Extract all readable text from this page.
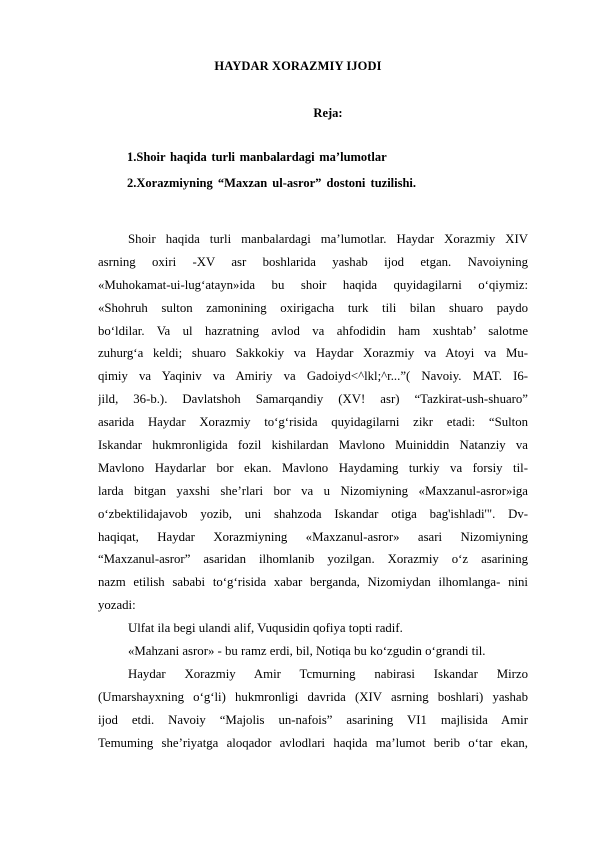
HAYDAR XORAZMIY IJODI
Reja:
1.Shoir haqida turli manbalardagi ma’lumotlar
2.Xorazmiyning “Maxzan ul-asror” dostoni tuzilishi.
Shoir haqida turli manbalardagi ma’lumotlar. Haydar Xorazmiy XIV
asrning oxiri -XV asr boshlarida yashab ijod etgan. Navoiyning
«Muhokamat-ui-lug‘atayn»ida bu shoir haqida quyidagilarni o‘qiymiz:
«Shohruh sulton zamonining oxirigacha turk tili bilan shuaro paydo
bo‘ldilar. Va ul hazratning avlod va ahfodidin ham xushtab’ salotme
zuhurg‘a keldi; shuaro Sakkokiy va Haydar Xorazmiy va Atoyi va Mu-
qimiy va Yaqiniv va Amiriy va Gadoiyd<^lkl;^r...”( Navoiy. MAT. I6-
jild, 36-b.). Davlatshoh Samarqandiy (XV! asr) “Tazkirat-ush-shuaro”
asarida Haydar Xorazmiy to‘g‘risida quyidagilarni zikr etadi: “Sulton
Iskandar hukmronligida fozil kishilardan Mavlono Muiniddin Natanziy va
Mavlono Haydarlar bor ekan. Mavlono Haydaming turkiy va forsiy til-
larda bitgan yaxshi she’rlari bor va u Nizomiyning «Maxzanul-asror»iga
o‘zbektilidajavob yozib, uni shahzoda Iskandar otiga bag'ishladi'". Dv-
haqiqat, Haydar Xorazmiyning «Maxzanul-asror» asari Nizomiyning
“Maxzanul-asror” asaridan ilhomlanib yozilgan. Xorazmiy o‘z asarining
nazm etilish sababi to‘g‘risida xabar berganda, Nizomiydan ilhomlanga- nini
yozadi:
Ulfat ila begi ulandi alif, Vuqusidin qofiya topti radif.
«Mahzani asror» - bu ramz erdi, bil, Notiqa bu ko‘zgudin o‘grandi til.
Haydar Xorazmiy Amir Tcmurning nabirasi Iskandar Mirzo
(Umarshayxning o‘g‘li) hukmronligi davrida (XIV asrning boshlari) yashab
ijod etdi. Navoiy “Majolis un-nafois” asarining VI1 majlisida Amir
Temuming she’riyatga aloqador avlodlari haqida ma’lumot berib o‘tar ekan,
